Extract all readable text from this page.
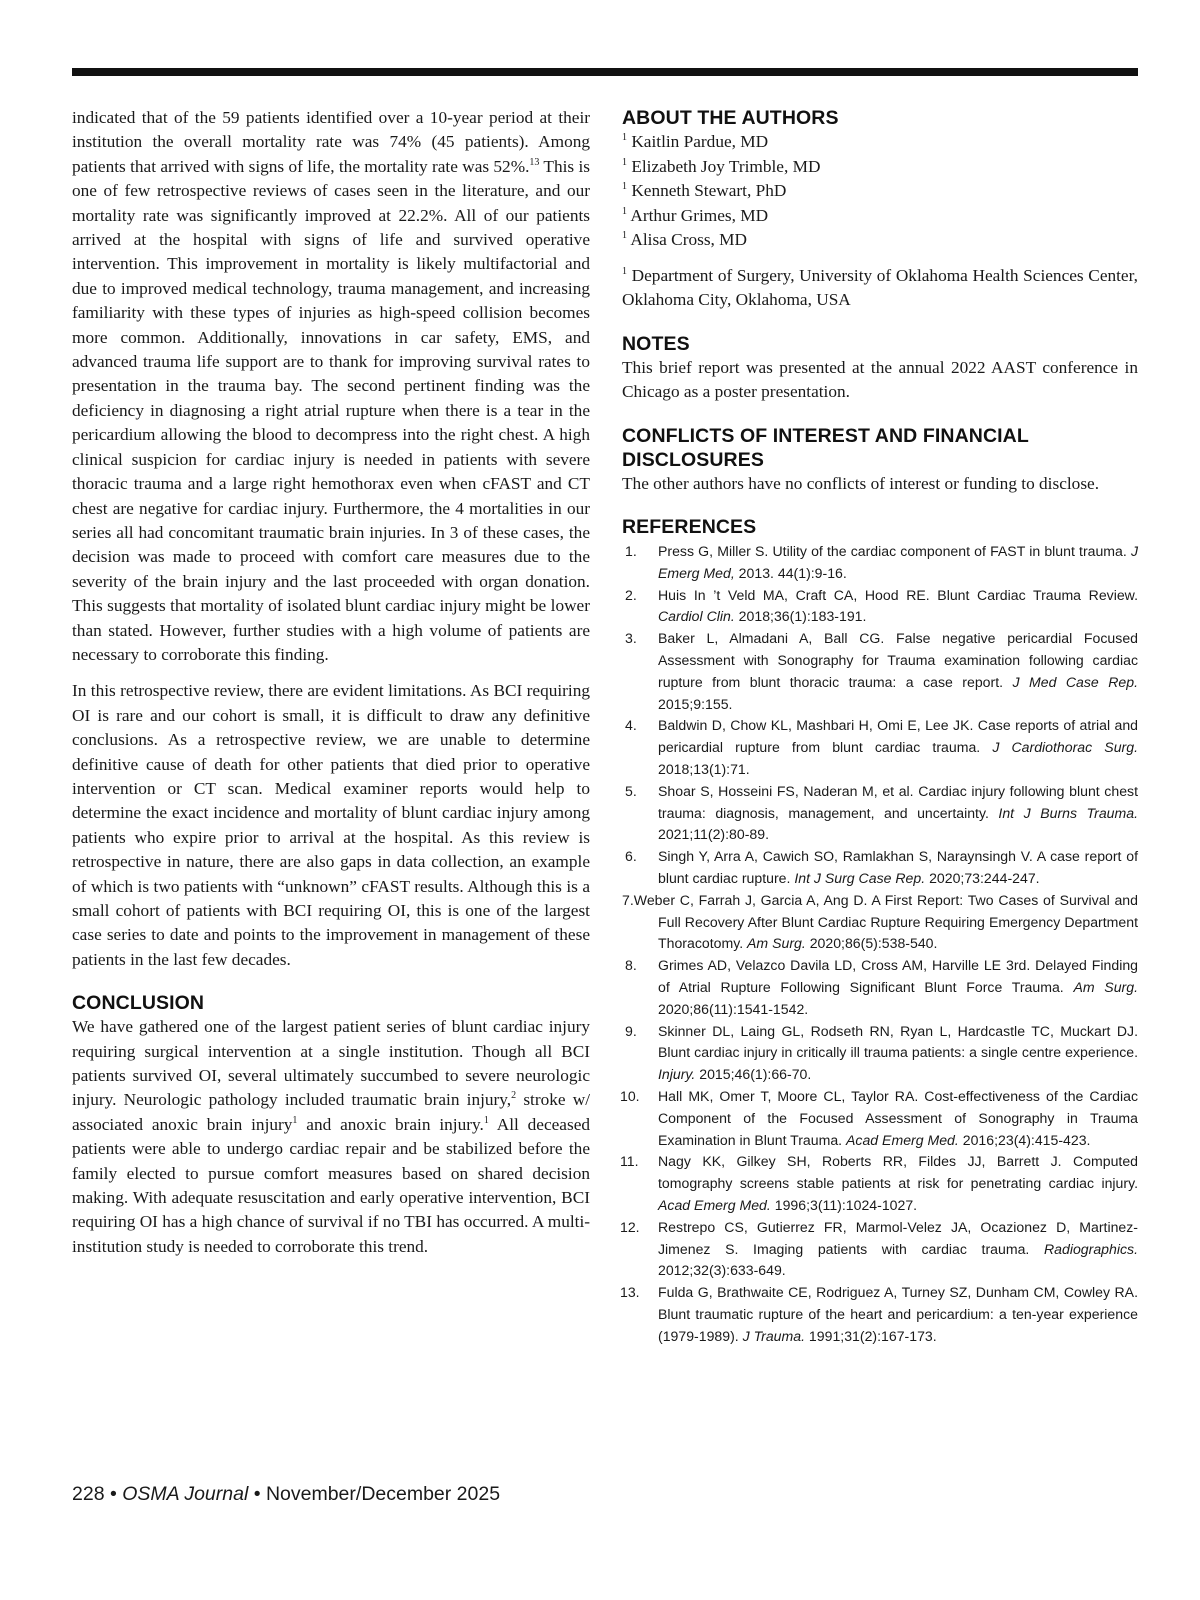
indicated that of the 59 patients identified over a 10-year period at their institution the overall mortality rate was 74% (45 patients). Among patients that arrived with signs of life, the mortality rate was 52%.$^{13}$ This is one of few retrospective reviews of cases seen in the literature, and our mortality rate was significantly improved at 22.2%. All of our patients arrived at the hospital with signs of life and survived operative intervention. This improvement in mortality is likely multifactorial and due to improved medical technology, trauma management, and increasing familiarity with these types of injuries as high-speed collision becomes more common. Additionally, innovations in car safety, EMS, and advanced trauma life support are to thank for improving survival rates to presentation in the trauma bay. The second pertinent finding was the deficiency in diagnosing a right atrial rupture when there is a tear in the pericardium allowing the blood to decompress into the right chest. A high clinical suspicion for cardiac injury is needed in patients with severe thoracic trauma and a large right hemothorax even when cFAST and CT chest are negative for cardiac injury. Furthermore, the 4 mortalities in our series all had concomitant traumatic brain injuries. In 3 of these cases, the decision was made to proceed with comfort care measures due to the severity of the brain injury and the last proceeded with organ donation. This suggests that mortality of isolated blunt cardiac injury might be lower than stated. However, further studies with a high volume of patients are necessary to corroborate this finding.

In this retrospective review, there are evident limitations. As BCI requiring OI is rare and our cohort is small, it is difficult to draw any definitive conclusions. As a retrospective review, we are unable to determine definitive cause of death for other patients that died prior to operative intervention or CT scan. Medical examiner reports would help to determine the exact incidence and mortality of blunt cardiac injury among patients who expire prior to arrival at the hospital. As this review is retrospective in nature, there are also gaps in data collection, an example of which is two patients with “unknown” cFAST results. Although this is a small cohort of patients with BCI requiring OI, this is one of the largest case series to date and points to the improvement in management of these patients in the last few decades.

CONCLUSION

We have gathered one of the largest patient series of blunt cardiac injury requiring surgical intervention at a single institution. Though all BCI patients survived OI, several ultimately succumbed to severe neurologic injury. Neurologic pathology included traumatic brain injury,$^2$ stroke w/ associated anoxic brain injury$^1$ and anoxic brain injury.$^1$ All deceased patients were able to undergo cardiac repair and be stabilized before the family elected to pursue comfort measures based on shared decision making. With adequate resuscitation and early operative intervention, BCI requiring OI has a high chance of survival if no TBI has occurred. A multi-institution study is needed to corroborate this trend.

ABOUT THE AUTHORS
$^1$ Kaitlin Pardue, MD
$^1$ Elizabeth Joy Trimble, MD
$^1$ Kenneth Stewart, PhD
$^1$ Arthur Grimes, MD
$^1$ Alisa Cross, MD

$^1$ Department of Surgery, University of Oklahoma Health Sciences Center, Oklahoma City, Oklahoma, USA

NOTES

This brief report was presented at the annual 2022 AAST conference in Chicago as a poster presentation.

CONFLICTS OF INTEREST AND FINANCIAL
DISCLOSURES

The other authors have no conflicts of interest or funding to disclose.

REFERENCES
1. Press G, Miller S. Utility of the cardiac component of FAST in blunt trauma. J Emerg Med, 2013. 44(1):9-16.
2. Huis In ’t Veld MA, Craft CA, Hood RE. Blunt Cardiac Trauma Review. Cardiol Clin. 2018;36(1):183-191.
3. Baker L, Almadani A, Ball CG. False negative pericardial Focused Assessment with Sonography for Trauma examination following cardiac rupture from blunt thoracic trauma: a case report. J Med Case Rep. 2015;9:155.
4. Baldwin D, Chow KL, Mashbari H, Omi E, Lee JK. Case reports of atrial and pericardial rupture from blunt cardiac trauma. J Cardiothorac Surg. 2018;13(1):71.
5. Shoar S, Hosseini FS, Naderan M, et al. Cardiac injury following blunt chest trauma: diagnosis, management, and uncertainty. Int J Burns Trauma. 2021;11(2):80-89.
6. Singh Y, Arra A, Cawich SO, Ramlakhan S, Naraynsingh V. A case report of blunt cardiac rupture. Int J Surg Case Rep. 2020;73:244-247.
7.Weber C, Farrah J, Garcia A, Ang D. A First Report: Two Cases of Survival and Full Recovery After Blunt Cardiac Rupture Requiring Emergency Department Thoracotomy. Am Surg. 2020;86(5):538-540.
8. Grimes AD, Velazco Davila LD, Cross AM, Harville LE 3rd. Delayed Finding of Atrial Rupture Following Significant Blunt Force Trauma. Am Surg. 2020;86(11):1541-1542.
9. Skinner DL, Laing GL, Rodseth RN, Ryan L, Hardcastle TC, Muckart DJ. Blunt cardiac injury in critically ill trauma patients: a single centre experience. Injury. 2015;46(1):66-70.
10. Hall MK, Omer T, Moore CL, Taylor RA. Cost-effectiveness of the Cardiac Component of the Focused Assessment of Sonography in Trauma Examination in Blunt Trauma. Acad Emerg Med. 2016;23(4):415-423.
11. Nagy KK, Gilkey SH, Roberts RR, Fildes JJ, Barrett J. Computed tomography screens stable patients at risk for penetrating cardiac injury. Acad Emerg Med. 1996;3(11):1024-1027.
12. Restrepo CS, Gutierrez FR, Marmol-Velez JA, Ocazionez D, Martinez-Jimenez S. Imaging patients with cardiac trauma. Radiographics. 2012;32(3):633-649.
13. Fulda G, Brathwaite CE, Rodriguez A, Turney SZ, Dunham CM, Cowley RA. Blunt traumatic rupture of the heart and pericardium: a ten-year experience (1979-1989). J Trauma. 1991;31(2):167-173.
228 • OSMA Journal • November/December 2025
